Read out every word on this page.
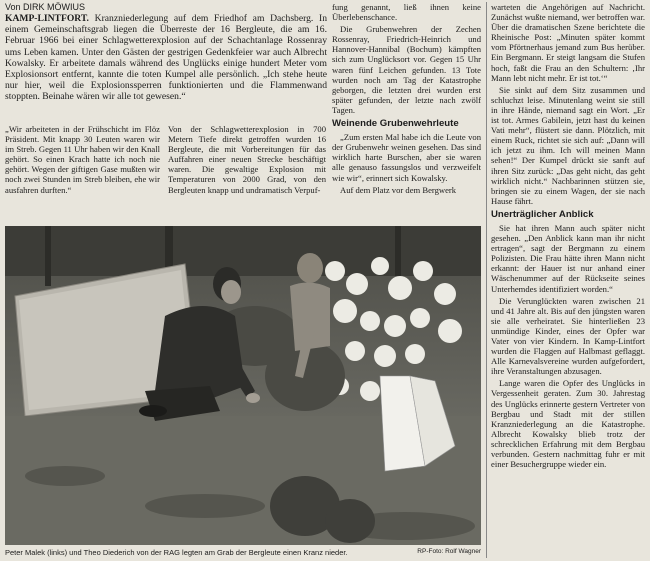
Von DIRK MÖWIUS
KAMP-LINTFORT. Kranzniederlegung auf dem Friedhof am Dachsberg. In einem Gemeinschaftsgrab liegen die Überreste der 16 Bergleute, die am 16. Februar 1966 bei einer Schlagwetterexplosion auf der Schachtanlage Rossenray ums Leben kamen. Unter den Gästen der gestrigen Gedenkfeier war auch Albrecht Kowalsky. Er arbeitete damals während des Unglücks einige hundert Meter vom Explosionsort entfernt, kannte die toten Kumpel alle persönlich. „Ich stehe heute nur hier, weil die Explosionssperren funktionierten und die Flammenwand stoppten. Beinahe wären wir alle tot gewesen.“

„Wir arbeiteten in der Frühschicht im Flöz Präsident. Mit knapp 30 Leuten waren wir im Streb. Gegen 11 Uhr haben wir den Knall gehört. So einen Krach hatte ich noch nie gehört. Wegen der giftigen Gase mußten wir noch zwei Stunden im Streb bleiben, ehe wir ausfahren durften.“

Von der Schlagwetterexplosion in 700 Metern Tiefe direkt getroffen wurden 16 Bergleute, die mit Vorbereitungen für das Auffahren einer neuen Strecke beschäftigt waren. Die gewaltige Explosion mit Temperaturen von 2000 Grad, von den Bergleuten knapp und undramatisch Verpuf-

fung genannt, ließ ihnen keine Überlebenschance.

Die Grubenwehren der Zechen Rossenray, Friedrich-Heinrich und Hannover-Hannibal (Bochum) kämpften sich zum Unglücksort vor. Gegen 15 Uhr waren fünf Leichen gefunden. 13 Tote wurden noch am Tag der Katastrophe geborgen, die letzten drei wurden erst später gefunden, der letzte nach zwölf Tagen.

Weinende Grubenwehrleute

„Zum ersten Mal habe ich die Leute von der Grubenwehr weinen gesehen. Das sind wirklich harte Burschen, aber sie waren alle genauso fassungslos und verzweifelt wie wir“, erinnert sich Kowalsky.

Auf dem Platz vor dem Bergwerk

warteten die Angehörigen auf Nachricht. Zunächst wußte niemand, wer betroffen war. Über die dramatischen Szene berichtete die Rheinische Post: „Minuten später kommt vom Pförtnerhaus jemand zum Bus herüber. Ein Bergmann. Er steigt langsam die Stufen hoch, faßt die Frau an den Schultern: ‚Ihr Mann lebt nicht mehr. Er ist tot.‘“

Sie sinkt auf dem Sitz zusammen und schluchzt leise. Minutenlang weint sie still in ihre Hände, niemand sagt ein Wort. „Er ist tot. Armes Gabilein, jetzt hast du keinen Vati mehr“, flüstert sie dann. Plötzlich, mit einem Ruck, richtet sie sich auf: „Dann will ich jetzt zu ihm. Ich will meinen Mann sehen!“ Der Kumpel drückt sie sanft auf ihren Sitz zurück: „Das geht nicht, das geht wirklich nicht.“ Nachbarinnen stützen sie, bringen sie zu einem Wagen, der sie nach Hause fährt.

Unerträglicher Anblick

Sie hat ihren Mann auch später nicht gesehen. „Den Anblick kann man ihr nicht ertragen“, sagt der Bergmann zu einem Polizisten. Die Frau hätte ihren Mann nicht erkannt: der Hauer ist nur anhand einer Wäschenummer auf der Rückseite seines Unterhemdes identifiziert worden.“

Die Verunglückten waren zwischen 21 und 41 Jahre alt. Bis auf den jüngsten waren sie alle verheiratet. Sie hinterließen 23 unmündige Kinder, eines der Opfer war Vater von vier Kindern. In Kamp-Lintfort wurden die Flaggen auf Halbmast geflaggt. Alle Karnevalsvereine wurden aufgefordert, ihre Veranstaltungen abzusagen.

Lange waren die Opfer des Unglücks in Vergessenheit geraten. Zum 30. Jahrestag des Unglücks erinnerte gestern Vertreter von Bergbau und Stadt mit der stillen Kranzniederlegung an die Katastrophe. Albrecht Kowalsky blieb trotz der schrecklichen Erfahrung mit dem Bergbau verbunden. Gestern nachmittag fuhr er mit einer Besuchergruppe wieder ein.

Peter Malek (links) und Theo Diederich von der RAG legten am Grab der Bergleute einen Kranz nieder.	RP-Foto: Rolf Wagner
